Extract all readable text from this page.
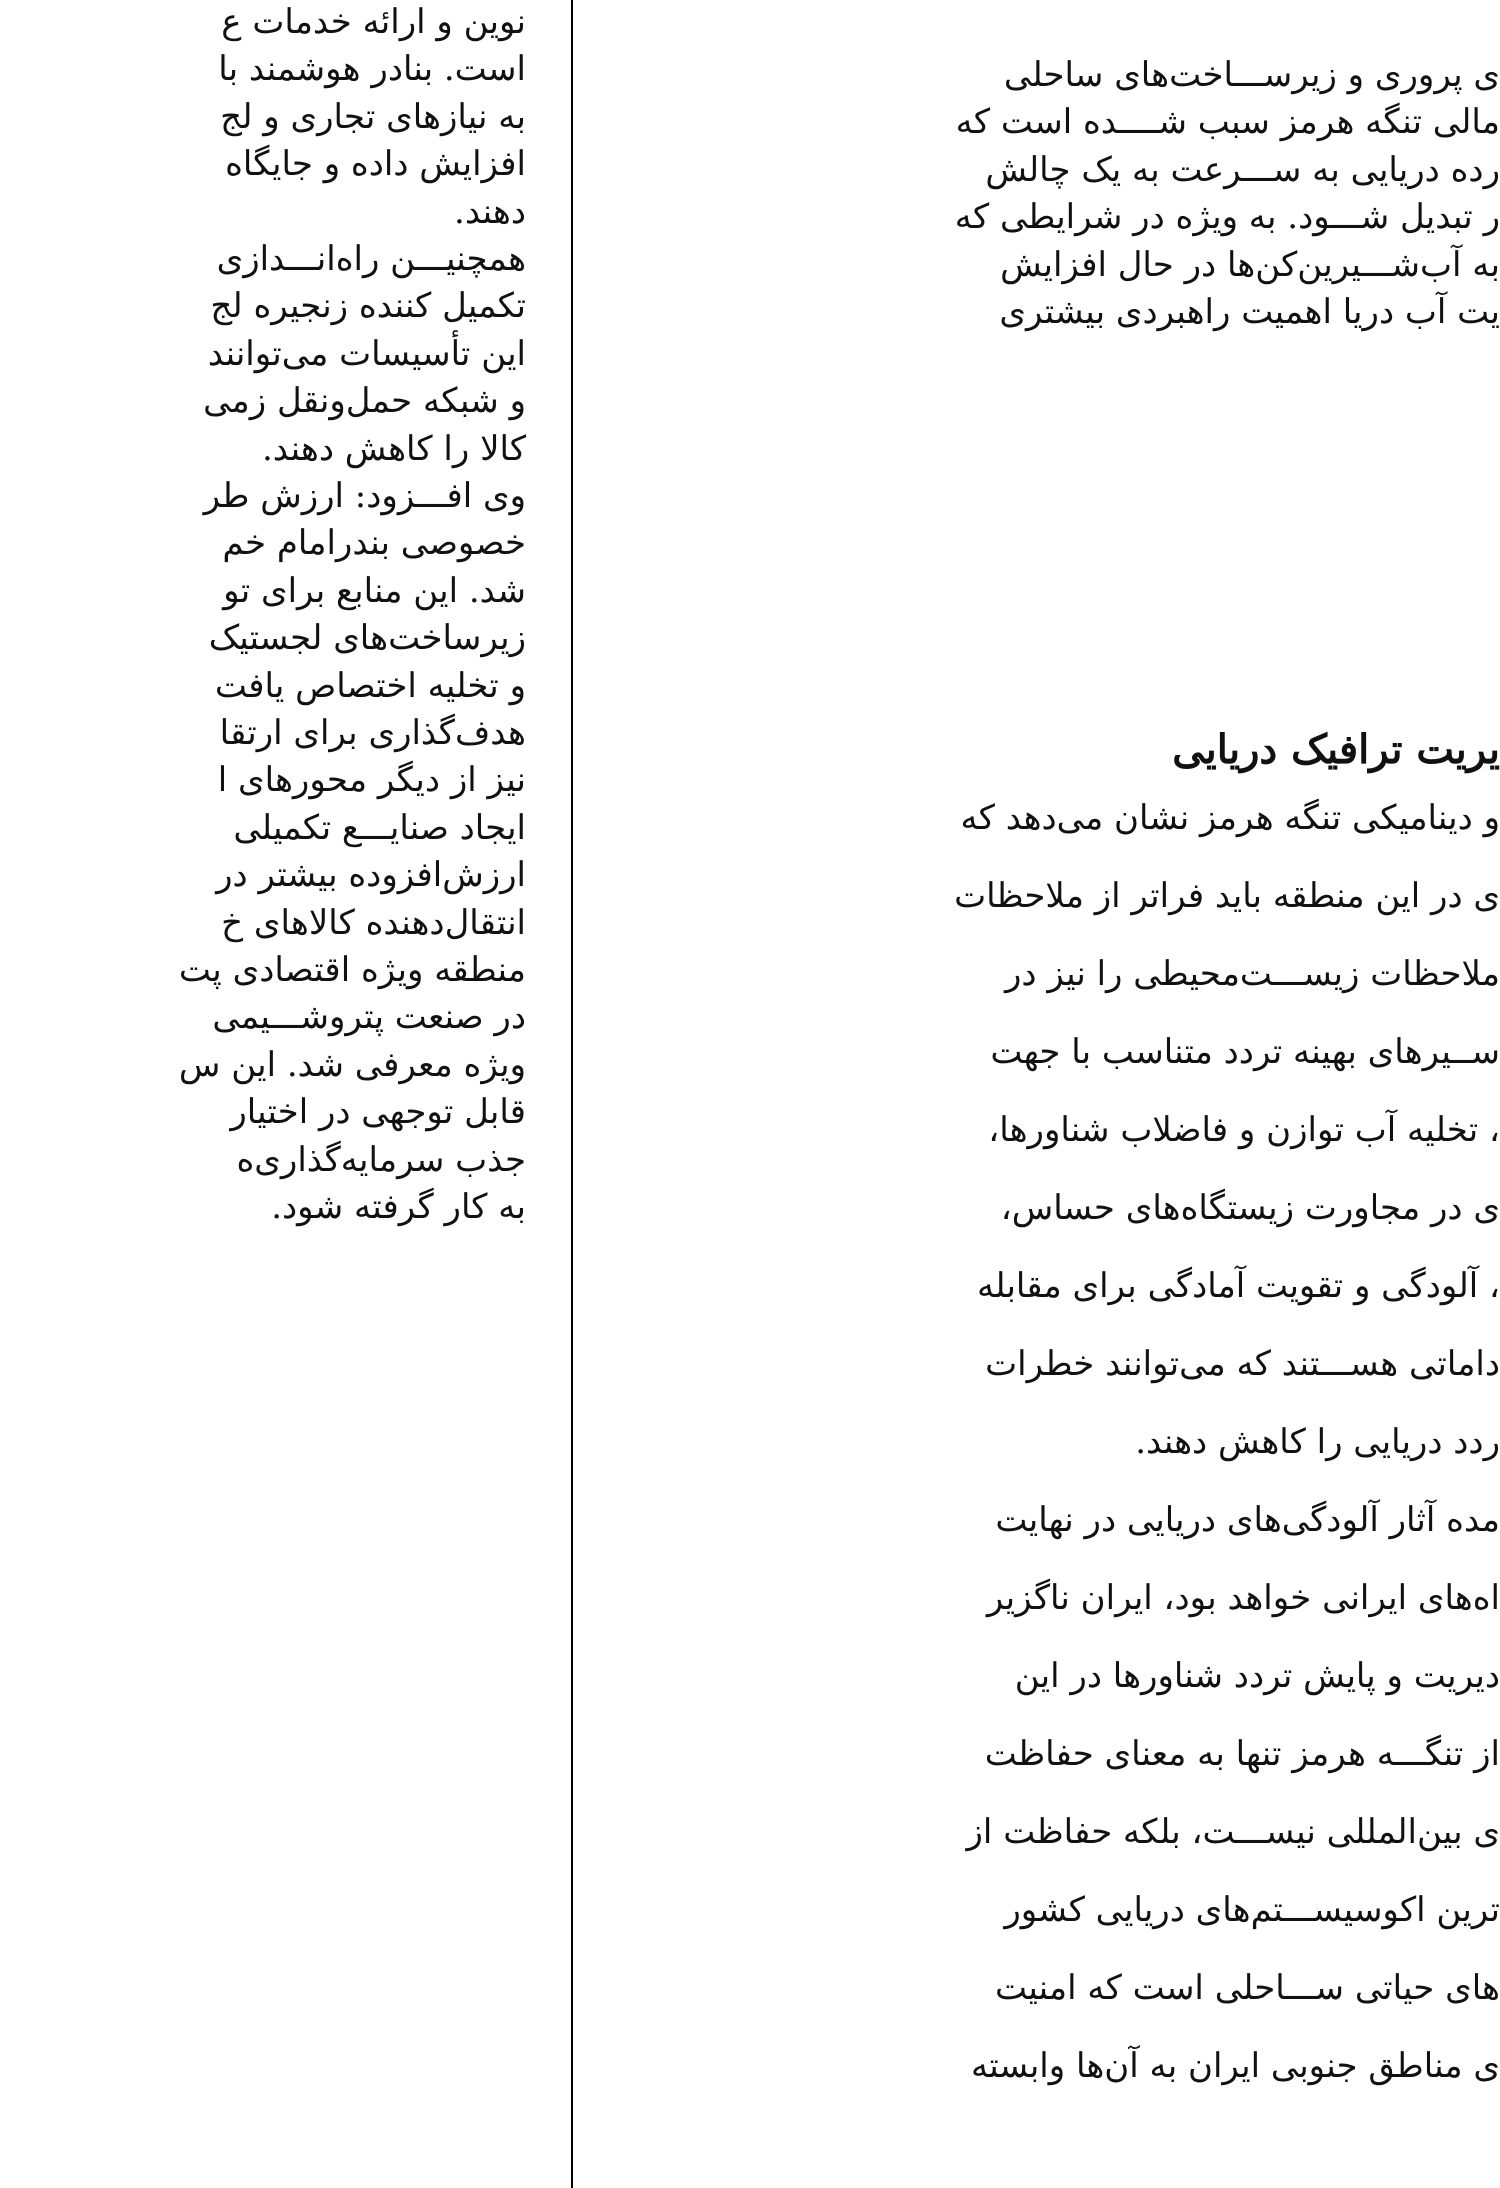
نوین و ارائه خدمات ع
است. بنادر هوشمند با
به نیازهای تجاری و لج
افزایش داده و جایگاه
دهند.
همچنیـــن راه‌انـــدازی
تکمیل کننده زنجیره لج
این تأسیسات می‌توانند
و شبکه حمل‌ونقل زمی
کالا را کاهش دهند.
وی افـــزود: ارزش طر
خصوصی بندرامام خم
شد. این منابع برای تو
زیرساخت‌های لجستیک
و تخلیه اختصاص یافت
هدف‌گذاری برای ارتقا
نیز از دیگر محورهای ا
ایجاد صنایـــع تکمیلی
ارزش‌افزوده بیشتر در
انتقال‌دهنده کالاهای خ
منطقه ویژه اقتصادی پت
در صنعت پتروشـــیمی
ویژه معرفی شد. این س
قابل توجهی در اختیار
جذب سرمایه‌گذاری‌ه
به کار گرفته شود.
یریت ترافیک دریایی
ی پروری و زیرســـاخت‌های ساحلی
مالی تنگه هرمز سبب شــــده است که
رده دریایی به ســـرعت به یک چالش
ر تبدیل شـــود. به ویژه در شرایطی که
به آب‌شـــیرین‌کن‌ها در حال افزایش
یت آب دریا اهمیت راهبردی بیشتری
و دینامیکی تنگه هرمز نشان می‌دهد که
ی در این منطقه باید فراتر از ملاحظات
ملاحظات زیســـت‌محیطی را نیز در
ســیرهای بهینه تردد متناسب با جهت
، تخلیه آب توازن و فاضلاب شناورها،
ی در مجاورت زیستگاه‌های حساس،
، آلودگی و تقویت آمادگی برای مقابله
داماتی هســـتند که می‌توانند خطرات
ردد دریایی را کاهش دهند.
مده آثار آلودگی‌های دریایی در نهایت
اه‌های ایرانی خواهد بود، ایران ناگزیر
دیریت و پایش تردد شناورها در این
از تنگـــه هرمز تنها به معنای حفاظت
ی بین‌المللی نیســـت، بلکه حفاظت از
ترین اکوسیســـتم‌های دریایی کشور
های حیاتی ســـاحلی است که امنیت
ی مناطق جنوبی ایران به آن‌ها وابسته
